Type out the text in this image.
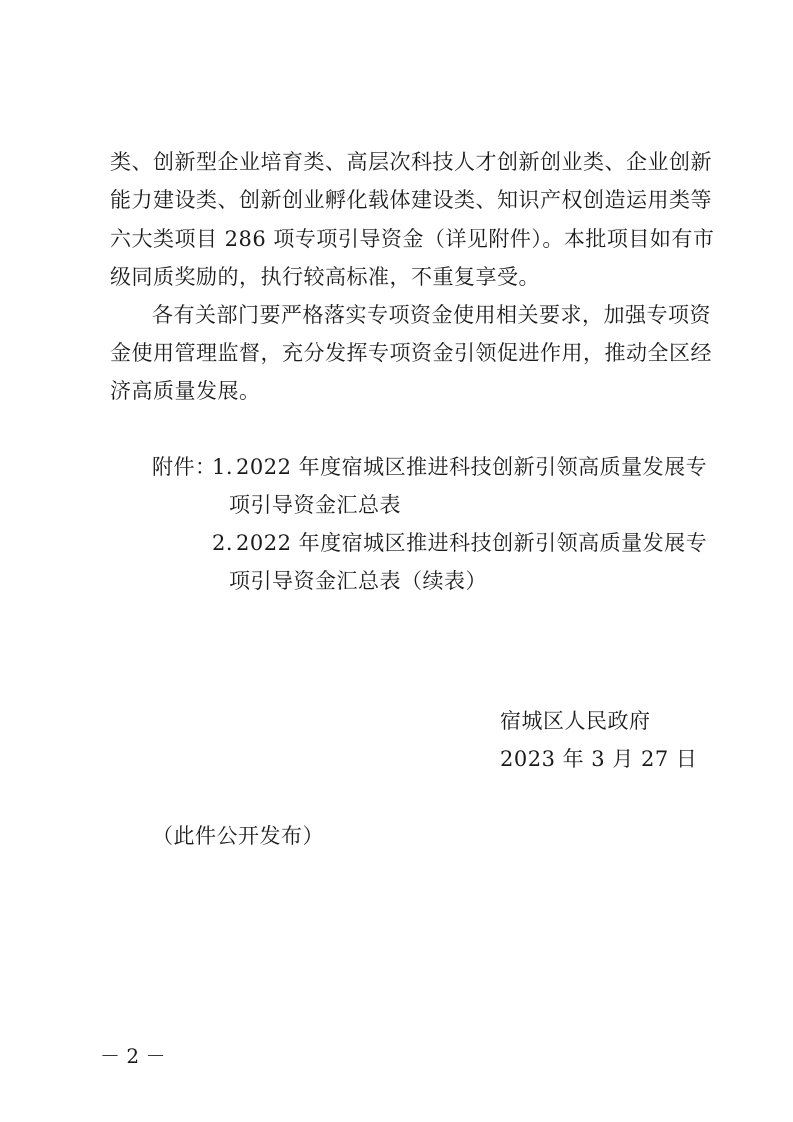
类、创新型企业培育类、高层次科技人才创新创业类、企业创新
能力建设类、创新创业孵化载体建设类、知识产权创造运用类等
六大类项目 286 项专项引导资金（详见附件）。本批项目如有市
级同质奖励的，执行较高标准，不重复享受。
各有关部门要严格落实专项资金使用相关要求，加强专项资
金使用管理监督，充分发挥专项资金引领促进作用，推动全区经
济高质量发展。
附件：
1. 2022 年度宿城区推进科技创新引领高质量发展专
项引导资金汇总表
2. 2022 年度宿城区推进科技创新引领高质量发展专
项引导资金汇总表（续表）
宿城区人民政府
2023 年 3 月 27 日
（此件公开发布）
－ 2 －
